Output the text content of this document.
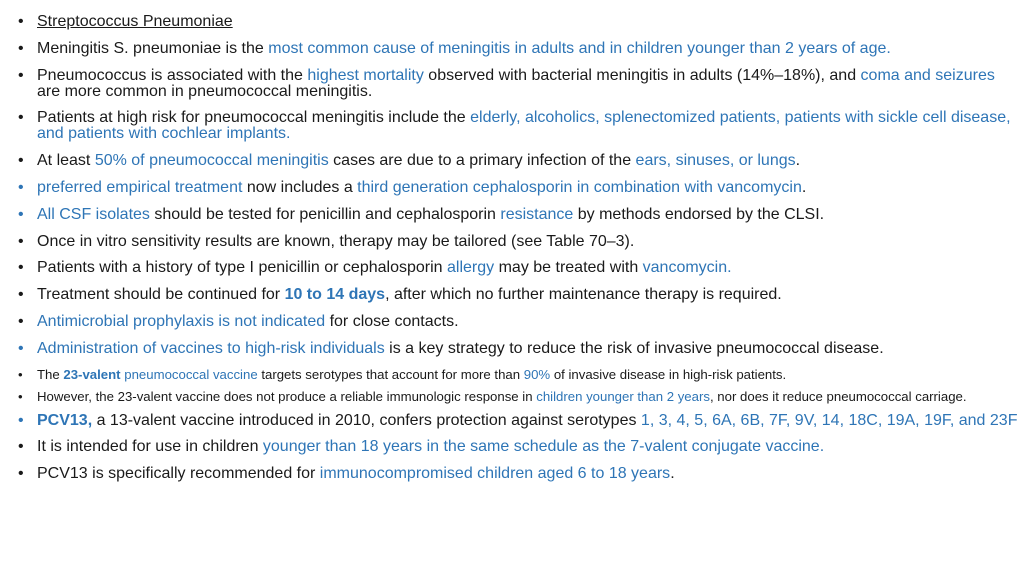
• Streptococcus Pneumoniae
• Meningitis S. pneumoniae is the most common cause of meningitis in adults and in children younger than 2 years of age.
• Pneumococcus is associated with the highest mortality observed with bacterial meningitis in adults (14%–18%), and coma and seizures are more common in pneumococcal meningitis.
• Patients at high risk for pneumococcal meningitis include the elderly, alcoholics, splenectomized patients, patients with sickle cell disease, and patients with cochlear implants.
• At least 50% of pneumococcal meningitis cases are due to a primary infection of the ears, sinuses, or lungs.
• preferred empirical treatment now includes a third generation cephalosporin in combination with vancomycin.
• All CSF isolates should be tested for penicillin and cephalosporin resistance by methods endorsed by the CLSI.
• Once in vitro sensitivity results are known, therapy may be tailored (see Table 70–3).
• Patients with a history of type I penicillin or cephalosporin allergy may be treated with vancomycin.
• Treatment should be continued for 10 to 14 days, after which no further maintenance therapy is required.
• Antimicrobial prophylaxis is not indicated for close contacts.
• Administration of vaccines to high-risk individuals is a key strategy to reduce the risk of invasive pneumococcal disease.
• The 23-valent pneumococcal vaccine targets serotypes that account for more than 90% of invasive disease in high-risk patients.
• However, the 23-valent vaccine does not produce a reliable immunologic response in children younger than 2 years, nor does it reduce pneumococcal carriage.
• PCV13, a 13-valent vaccine introduced in 2010, confers protection against serotypes 1, 3, 4, 5, 6A, 6B, 7F, 9V, 14, 18C, 19A, 19F, and 23F
• It is intended for use in children younger than 18 years in the same schedule as the 7-valent conjugate vaccine.
• PCV13 is specifically recommended for immunocompromised children aged 6 to 18 years.
